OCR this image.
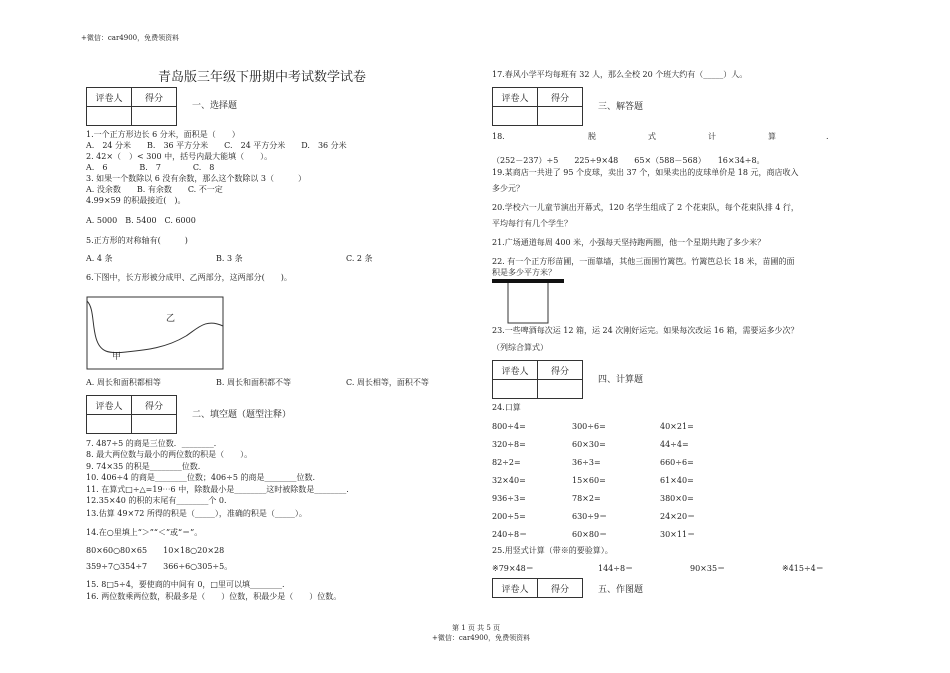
+微信：car4900，免费领资料
第 1 页 共 5 页
+微信：car4900，免费领资料
青岛版三年级下册期中考试数学试卷
评卷人	得分

一、选择题
1.一个正方形边长 6 分米，面积是（　　）
A.　24 分米　　B.　36 平方分米　　C.　24 平方分米　　D.　36 分米
2. 42×（　）< 300 中，括号内最大能填（　　）。
A.　6　　　　B.　7　　　　C.　8
3. 如果一个数除以 6 没有余数，那么这个数除以 3（　　　）
A. 没余数　　B. 有余数　　C. 不一定
4.99×59 的积最接近(　)。
A. 5000　B. 5400　C. 6000
5.正方形的对称轴有(　　　)
A. 4 条	B. 3 条	C. 2 条
6.下图中，长方形被分成甲、乙两部分，这两部分(　　)。
乙
甲
A. 周长和面积都相等	B. 周长和面积都不等	C. 周长相等，面积不等
评卷人	得分

二、填空题（题型注释）
7. 487÷5 的商是三位数．________．
8. 最大两位数与最小的两位数的积是（　　）。
9. 74×35 的积是________位数.
10. 406÷4 的商是________位数；406÷5 的商是________位数.
11. 在算式□÷△=19⋯6 中，除数最小是________这时被除数是________.
12.35×40 的积的末尾有________个 0.
13.估算 49×72 所得的积是（_____），准确的积是（_____）。
14.在○里填上“＞”“＜”或“＝”。
80×60○80×65　　10×18○20×28
359÷7○354÷7　　366÷6○305÷5。
15. 8□5÷4，要使商的中间有 0，□里可以填________.
16. 两位数乘两位数，积最多是（　　）位数，积最少是（　　）位数。
17.春风小学平均每班有 32 人，那么全校 20 个班大约有（_____）人。
评卷人	得分

三、解答题
18.	脱	式	计	算	.
（252－237）÷5　　225÷9×48　　65×（588－568）　　16×34÷8。
19.某商店一共进了 95 个皮球，卖出 37 个，如果卖出的皮球单价是 18 元，商店收入
多少元？
20.学校六一儿童节演出开幕式，120 名学生组成了 2 个花束队，每个花束队排 4 行，
平均每行有几个学生？
21.广场通道每周 400 米，小强每天坚持跑两圈，他一个星期共跑了多少米？
22. 有一个正方形苗圃，一面靠墙，其他三面围竹篱笆。竹篱笆总长 18 米，苗圃的面
积是多少平方米？
23.一些啤酒每次运 12 箱，运 24 次刚好运完。如果每次改运 16 箱，需要运多少次？
（列综合算式）
评卷人	得分

四、计算题
24.口算
800÷4=	300÷6=	40×21=
320÷8=	60×30=	44÷4=
82÷2=	36÷3=	660÷6=
32×40=	15×60=	61×40=
936÷3=	78×2=	380×0=
200÷5=	630÷9＝	24×20＝
240÷8＝	60×80＝	30×11＝
25.用竖式计算（带※的要验算）。
※79×48＝	144÷8＝	90×35＝	※415÷4＝
评卷人	得分	五、作图题
